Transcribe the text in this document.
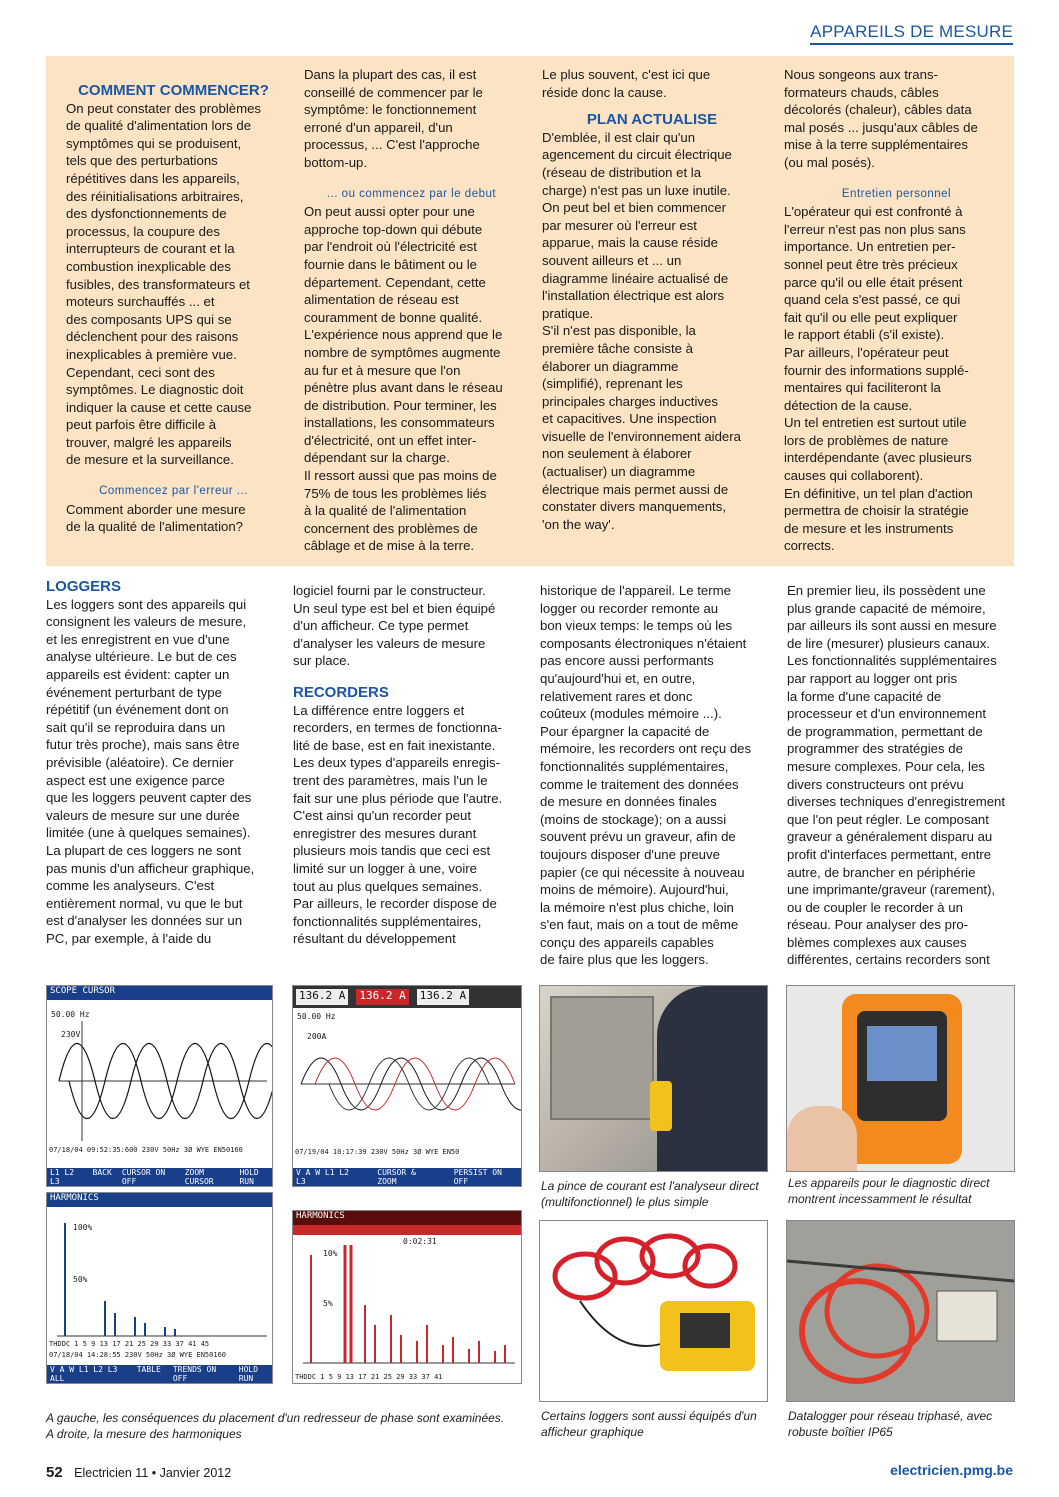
APPAREILS DE MESURE

COMMENT COMMENCER?

On peut constater des problèmes
de qualité d'alimentation lors de
symptômes qui se produisent,
tels que des perturbations
répétitives dans les appareils,
des réinitialisations arbitraires,
des dysfonctionnements de
processus, la coupure des
interrupteurs de courant et la
combustion inexplicable des
fusibles, des transformateurs et
moteurs surchauffés ... et
des composants UPS qui se
déclenchent pour des raisons
inexplicables à première vue.
Cependant, ceci sont des
symptômes. Le diagnostic doit
indiquer la cause et cette cause
peut parfois être difficile à
trouver, malgré les appareils
de mesure et la surveillance.

Commencez par l'erreur ...

Comment aborder une mesure
de la qualité de l'alimentation?

Dans la plupart des cas, il est
conseillé de commencer par le
symptôme: le fonctionnement
erroné d'un appareil, d'un
processus, ... C'est l'approche
bottom-up.

... ou commencez par le debut

On peut aussi opter pour une
approche top-down qui débute
par l'endroit où l'électricité est
fournie dans le bâtiment ou le
département. Cependant, cette
alimentation de réseau est
couramment de bonne qualité.
L'expérience nous apprend que le
nombre de symptômes augmente
au fur et à mesure que l'on
pénètre plus avant dans le réseau
de distribution. Pour terminer, les
installations, les consommateurs
d'électricité, ont un effet inter-
dépendant sur la charge.
Il ressort aussi que pas moins de
75% de tous les problèmes liés
à la qualité de l'alimentation
concernent des problèmes de
câblage et de mise à la terre.

Le plus souvent, c'est ici que
réside donc la cause.

PLAN ACTUALISE

D'emblée, il est clair qu'un
agencement du circuit électrique
(réseau de distribution et la
charge) n'est pas un luxe inutile.
On peut bel et bien commencer
par mesurer où l'erreur est
apparue, mais la cause réside
souvent ailleurs et ... un
diagramme linéaire actualisé de
l'installation électrique est alors
pratique.
S'il n'est pas disponible, la
première tâche consiste à
élaborer un diagramme
(simplifié), reprenant les
principales charges inductives
et capacitives. Une inspection
visuelle de l'environnement aidera
non seulement à élaborer
(actualiser) un diagramme
électrique mais permet aussi de
constater divers manquements,
'on the way'.

Nous songeons aux trans-
formateurs chauds, câbles
décolorés (chaleur), câbles data
mal posés ... jusqu'aux câbles de
mise à la terre supplémentaires
(ou mal posés).

Entretien personnel

L'opérateur qui est confronté à
l'erreur n'est pas non plus sans
importance. Un entretien per-
sonnel peut être très précieux
parce qu'il ou elle était présent
quand cela s'est passé, ce qui
fait qu'il ou elle peut expliquer
le rapport établi (s'il existe).
Par ailleurs, l'opérateur peut
fournir des informations supplé-
mentaires qui faciliteront la
détection de la cause.
Un tel entretien est surtout utile
lors de problèmes de nature
interdépendante (avec plusieurs
causes qui collaborent).
En définitive, un tel plan d'action
permettra de choisir la stratégie
de mesure et les instruments
corrects.

LOGGERS

Les loggers sont des appareils qui
consignent les valeurs de mesure,
et les enregistrent en vue d'une
analyse ultérieure. Le but de ces
appareils est évident: capter un
événement perturbant de type
répétitif (un événement dont on
sait qu'il se reproduira dans un
futur très proche), mais sans être
prévisible (aléatoire). Ce dernier
aspect est une exigence parce
que les loggers peuvent capter des
valeurs de mesure sur une durée
limitée (une à quelques semaines).
La plupart de ces loggers ne sont
pas munis d'un afficheur graphique,
comme les analyseurs. C'est
entièrement normal, vu que le but
est d'analyser les données sur un
PC, par exemple, à l'aide du

logiciel fourni par le constructeur.
Un seul type est bel et bien équipé
d'un afficheur. Ce type permet
d'analyser les valeurs de mesure
sur place.

RECORDERS

La différence entre loggers et
recorders, en termes de fonctionna-
lité de base, est en fait inexistante.
Les deux types d'appareils enregis-
trent des paramètres, mais l'un le
fait sur une plus période que l'autre.
C'est ainsi qu'un recorder peut
enregistrer des mesures durant
plusieurs mois tandis que ceci est
limité sur un logger à une, voire
tout au plus quelques semaines.
Par ailleurs, le recorder dispose de
fonctionnalités supplémentaires,
résultant du développement

historique de l'appareil. Le terme
logger ou recorder remonte au
bon vieux temps: le temps où les
composants électroniques n'étaient
pas encore aussi performants
qu'aujourd'hui et, en outre,
relativement rares et donc
coûteux (modules mémoire ...).
Pour épargner la capacité de
mémoire, les recorders ont reçu des
fonctionnalités supplémentaires,
comme le traitement des données
de mesure en données finales
(moins de stockage); on a aussi
souvent prévu un graveur, afin de
toujours disposer d'une preuve
papier (ce qui nécessite à nouveau
moins de mémoire). Aujourd'hui,
la mémoire n'est plus chiche, loin
s'en faut, mais on a tout de même
conçu des appareils capables
de faire plus que les loggers.

En premier lieu, ils possèdent une
plus grande capacité de mémoire,
par ailleurs ils sont aussi en mesure
de lire (mesurer) plusieurs canaux.
Les fonctionnalités supplémentaires
par rapport au logger ont pris
la forme d'une capacité de
processeur et d'un environnement
de programmation, permettant de
programmer des stratégies de
mesure complexes. Pour cela, les
divers constructeurs ont prévu
diverses techniques d'enregistrement
que l'on peut régler. Le composant
graveur a généralement disparu au
profit d'interfaces permettant, entre
autre, de brancher en périphérie
une imprimante/graveur (rarement),
ou de coupler le recorder à un
réseau. Pour analyser des pro-
blèmes complexes aux causes
différentes, certains recorders sont

SCOPE CURSOR
50.00 Hz
230V
07/18/04 09:52:35:600 230V 50Hz 3Ø WYE EN50160
L1 L2 L3
BACK CURSOR ON OFF
ZOOM CURSOR
HOLD RUN
136.2 A 136.2 A 136.2 A
50.00 Hz
200A
07/19/04 10:17:39 230V 50Hz 3Ø WYE EN50
V A W L1 L2 L3
CURSOR & ZOOM
PERSIST ON OFF
HARMONICS
100%
50%
THDDC 1 5 9 13 17 21 25 29 33 37 41 45
07/18/04 14:28:55 230V 50Hz 3Ø WYE EN50160
V A W L1 L2 L3 ALL
TABLE TRENDS ON OFF
HOLD RUN
HARMONICS
0:02:31
10%
5%
THDDC 1 5 9 13 17 21 25 29 33 37 41
A gauche, les conséquences du placement d'un redresseur de phase sont examinées.
A droite, la mesure des harmoniques
La pince de courant est l'analyseur direct
(multifonctionnel) le plus simple
Les appareils pour le diagnostic direct
montrent incessamment le résultat
Certains loggers sont aussi équipés d'un
afficheur graphique
Datalogger pour réseau triphasé, avec
robuste boîtier IP65
52 Electricien 11 • Janvier 2012	electricien.pmg.be
